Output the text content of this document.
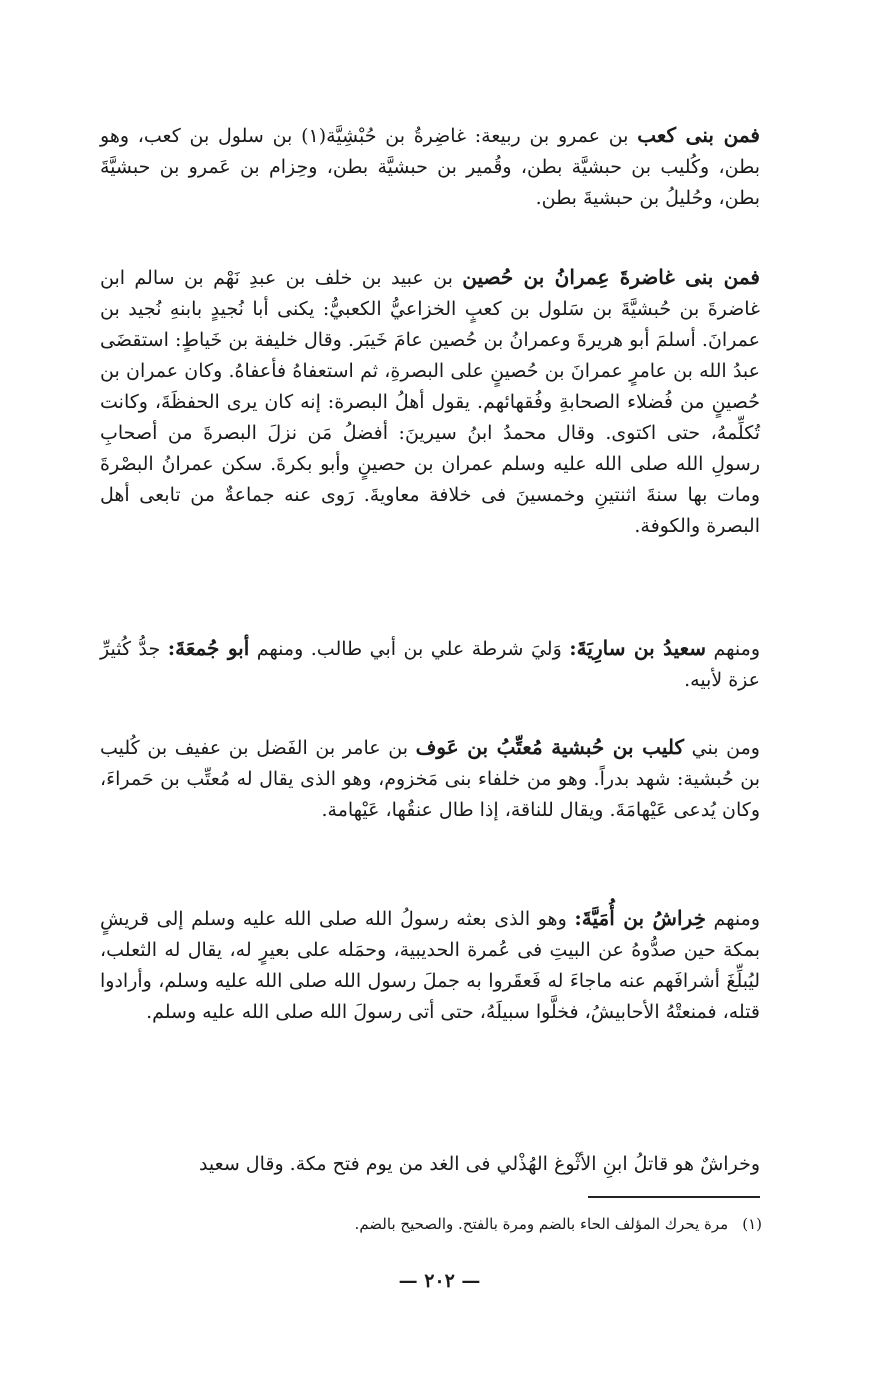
فمن بنى كعب بن عمرو بن ربيعة: غاضِرةُ بن حُبْشِيَّة(١) بن سلول بن كعب، وهو بطن، وكُليب بن حبشيَّة بطن، وقُمير بن حبشيَّة بطن، وحِزام بن عَمرو بن حبشيَّةَ بطن، وحُليلُ بن حبشيةَ بطن.

فمن بنى غاضرةَ عِمرانُ بن حُصين بن عبيد بن خلف بن عبدِ نَهْم بن سالم ابن غاضرةَ بن حُبشيَّةَ بن سَلول بن كعبٍ الخزاعيُّ الكعبيُّ: يكنى أبا نُجيدٍ بابنهِ نُجيد بن عمرانَ. أسلمَ أبو هريرةَ وعمرانُ بن حُصين عامَ خَيبَر. وقال خليفة بن خَياطٍ: استقضَى عبدُ الله بن عامرٍ عمرانَ بن حُصينٍ على البصرةِ، ثم استعفاهُ فأعفاهُ. وكان عمران بن حُصينٍ من فُضلاء الصحابةِ وفُقهائهم. يقول أهلُ البصرة: إنه كان يرى الحفظَةَ، وكانت تُكلِّمهُ، حتى اكتوى. وقال محمدُ ابنُ سيرينَ: أفضلُ مَن نزلَ البصرةَ من أصحابِ رسولِ الله صلى الله عليه وسلم عمران بن حصينٍ وأبو بكرةَ. سكن عمرانُ البصْرةَ ومات بها سنةَ اثنتينِ وخمسينَ فى خلافة معاويةَ. رَوى عنه جماعةٌ من تابعى أهل البصرة والكوفة.

ومنهم سعيدُ بن سارِيَةَ: وَليَ شرطة علي بن أبي طالب. ومنهم أبو جُمعَةَ: جدُّ كُثيرِّ عزة لأبيه.

ومن بني كليب بن حُبشية مُعتِّبُ بن عَوف بن عامر بن الفَضل بن عفيف بن كُليب بن حُبشية: شهد بدراً. وهو من خلفاء بنى مَخزوم، وهو الذى يقال له مُعتِّب بن حَمراءَ، وكان يُدعى عَيْهامَةَ. ويقال للناقة، إذا طال عنقُها، عَيْهامة.

ومنهم خِراشُ بن أُمَيَّةَ: وهو الذى بعثه رسولُ الله صلى الله عليه وسلم إلى قريشٍ بمكة حين صدُّوهُ عن البيتِ فى عُمرة الحديبية، وحمَله على بعيرٍ له، يقال له الثعلب، ليُبلِّغَ أشرافَهم عنه ماجاءَ له فَعقَروا به جملَ رسول الله صلى الله عليه وسلم، وأرادوا قتله، فمنعتْهُ الأحابيشُ، فخلَّوا سبيلَهُ، حتى أتى رسولَ الله صلى الله عليه وسلم.

وخراشٌ هو قاتلُ ابنِ الأثْوغ الهُذْلي فى الغد من يوم فتح مكة. وقال سعيد

(١)مرة يحرك المؤلف الحاء بالضم ومرة بالفتح. والصحيح بالضم.
— ٢٠٢ —
